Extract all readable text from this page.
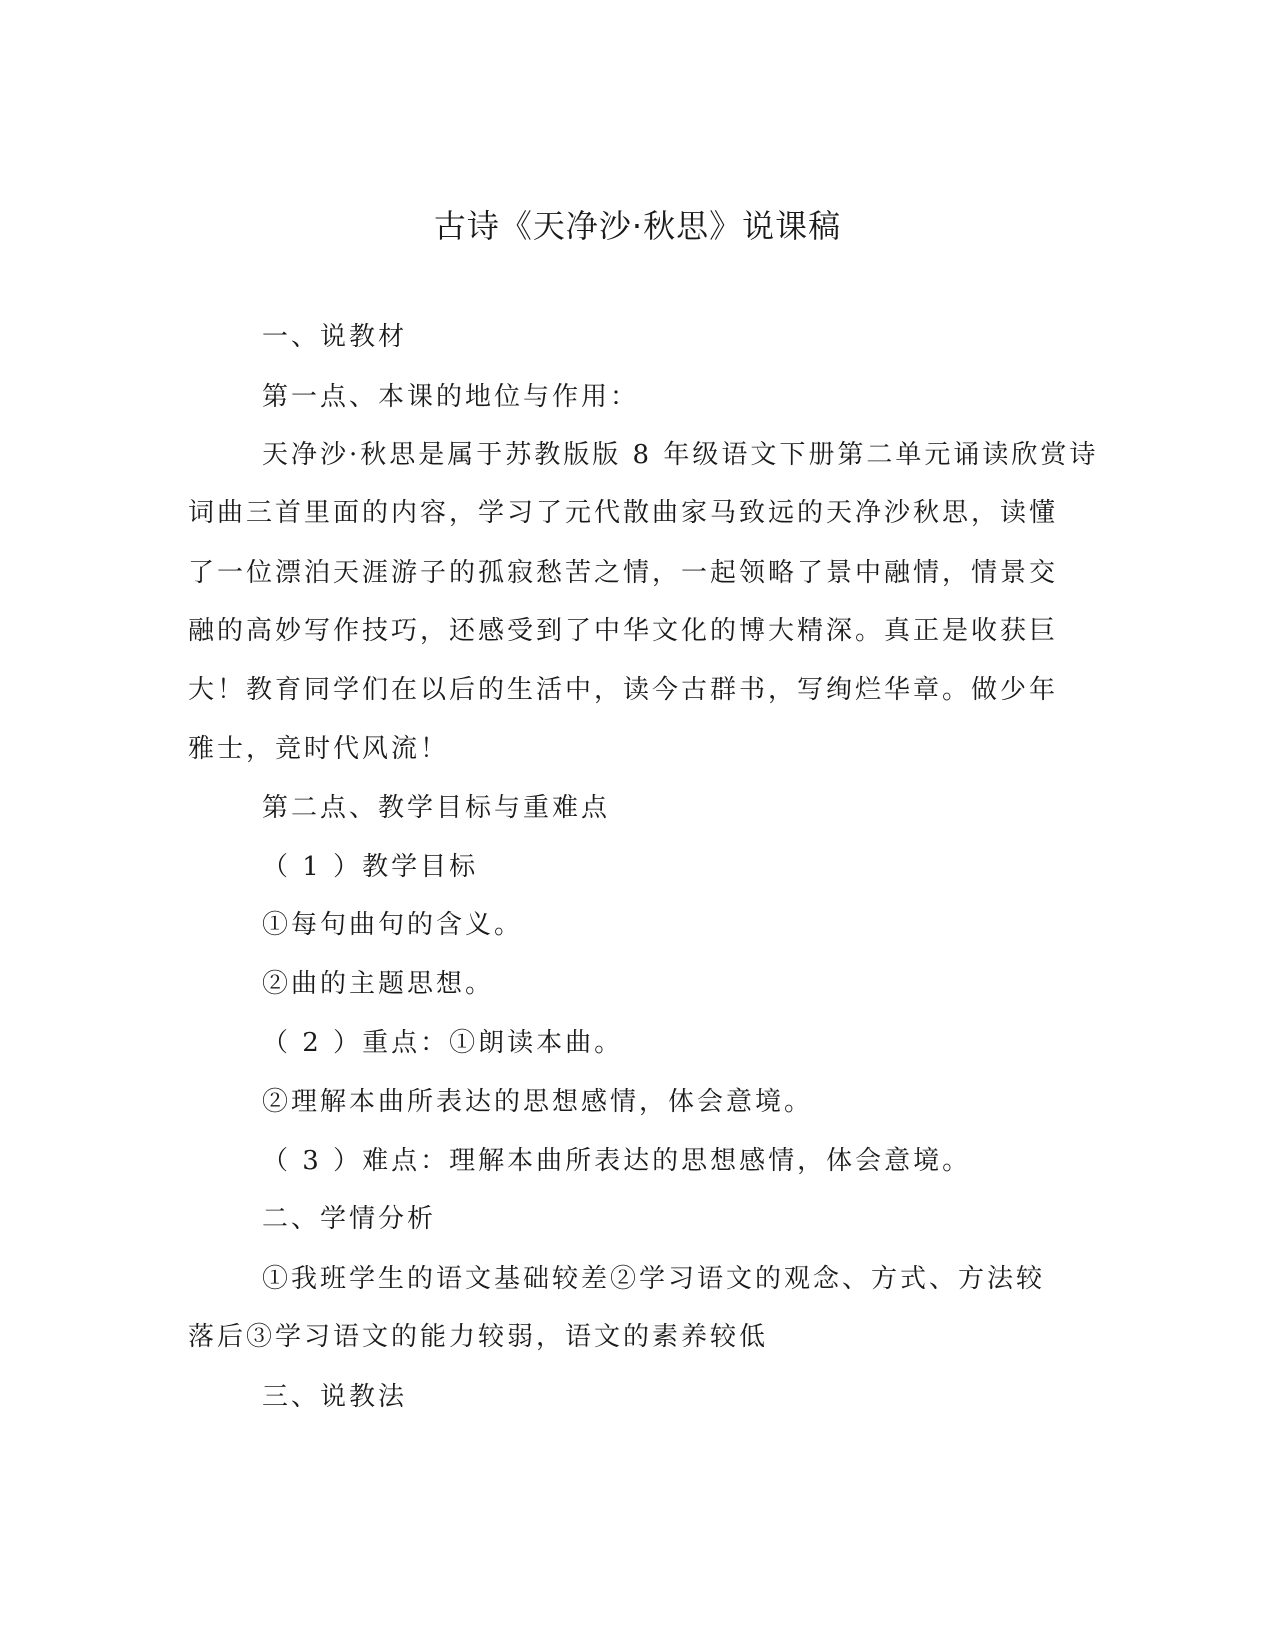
古诗《天净沙·秋思》说课稿
一、说教材
第一点、本课的地位与作用：
天净沙·秋思是属于苏教版版 8 年级语文下册第二单元诵读欣赏诗
词曲三首里面的内容，学习了元代散曲家马致远的天净沙秋思，读懂
了一位漂泊天涯游子的孤寂愁苦之情，一起领略了景中融情，情景交
融的高妙写作技巧，还感受到了中华文化的博大精深。真正是收获巨
大！教育同学们在以后的生活中，读今古群书，写绚烂华章。做少年
雅士，竞时代风流！
第二点、教学目标与重难点
（ 1 ）教学目标
①每句曲句的含义。
②曲的主题思想。
（ 2 ）重点：①朗读本曲。
②理解本曲所表达的思想感情，体会意境。
（ 3 ）难点：理解本曲所表达的思想感情，体会意境。
二、学情分析
①我班学生的语文基础较差②学习语文的观念、方式、方法较
落后③学习语文的能力较弱，语文的素养较低
三、说教法
